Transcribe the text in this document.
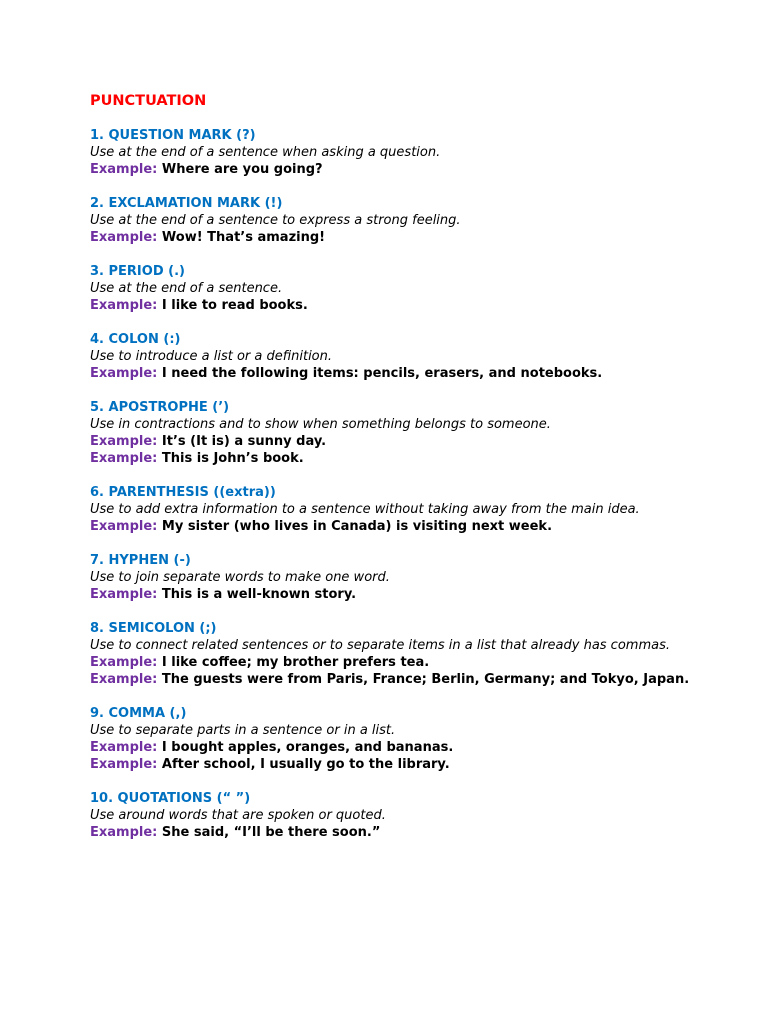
PUNCTUATION
1. QUESTION MARK (?)
Use at the end of a sentence when asking a question.
Example: Where are you going?
2. EXCLAMATION MARK (!)
Use at the end of a sentence to express a strong feeling.
Example: Wow! That’s amazing!
3. PERIOD (.)
Use at the end of a sentence.
Example: I like to read books.
4. COLON (:)
Use to introduce a list or a definition.
Example: I need the following items: pencils, erasers, and notebooks.
5. APOSTROPHE (’)
Use in contractions and to show when something belongs to someone.
Example: It’s (It is) a sunny day.
Example: This is John’s book.
6. PARENTHESIS ((extra))
Use to add extra information to a sentence without taking away from the main idea.
Example: My sister (who lives in Canada) is visiting next week.
7. HYPHEN (-)
Use to join separate words to make one word.
Example: This is a well-known story.
8. SEMICOLON (;)
Use to connect related sentences or to separate items in a list that already has commas.
Example: I like coffee; my brother prefers tea.
Example: The guests were from Paris, France; Berlin, Germany; and Tokyo, Japan.
9. COMMA (,)
Use to separate parts in a sentence or in a list.
Example: I bought apples, oranges, and bananas.
Example: After school, I usually go to the library.
10. QUOTATIONS (“ ”)
Use around words that are spoken or quoted.
Example: She said, “I’ll be there soon.”
